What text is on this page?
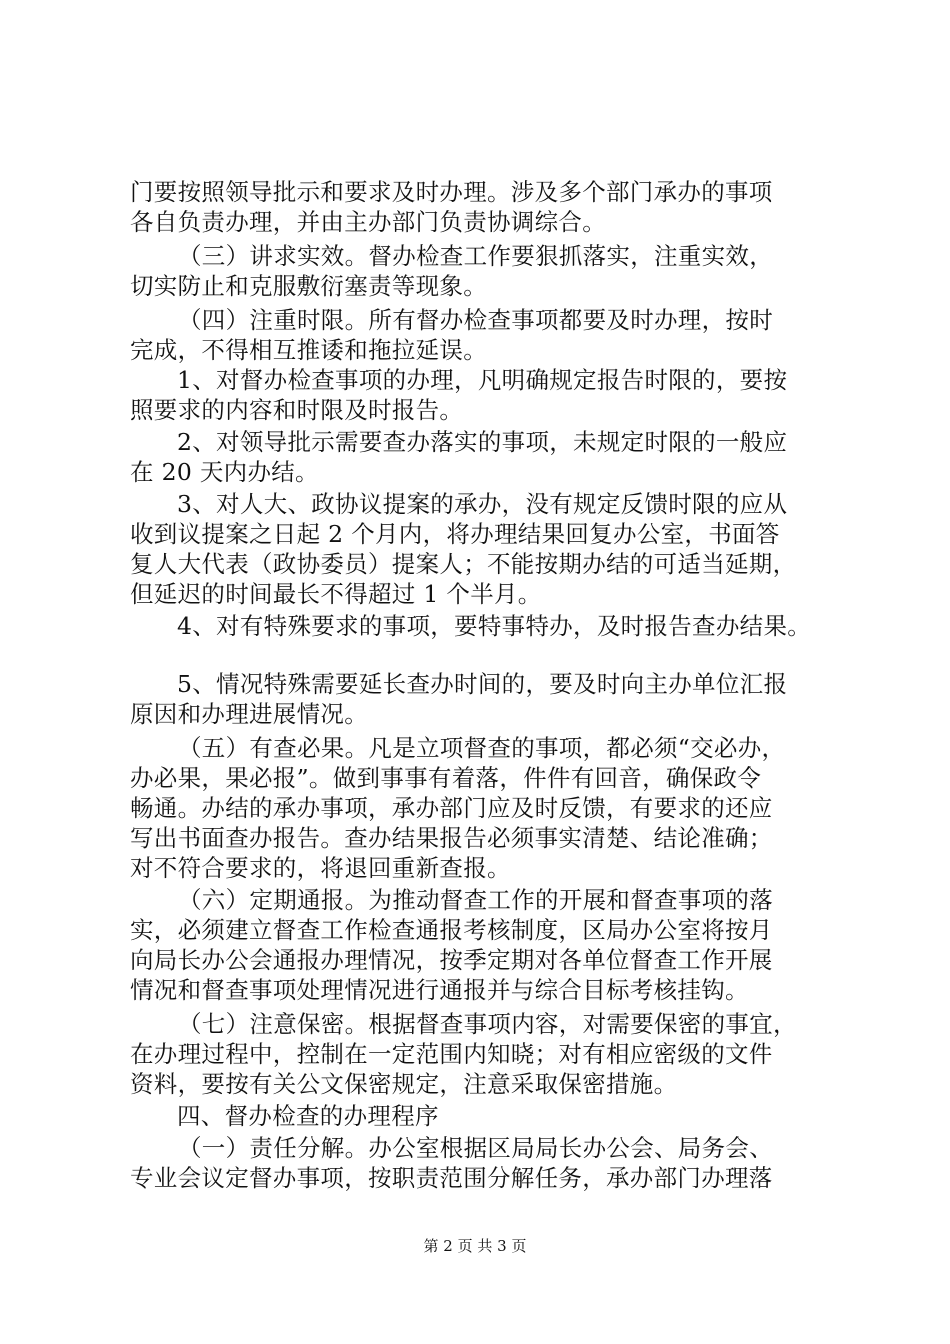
门要按照领导批示和要求及时办理。涉及多个部门承办的事项
各自负责办理，并由主办部门负责协调综合。
（三）讲求实效。督办检查工作要狠抓落实，注重实效，
切实防止和克服敷衍塞责等现象。
（四）注重时限。所有督办检查事项都要及时办理，按时
完成，不得相互推诿和拖拉延误。
1、对督办检查事项的办理，凡明确规定报告时限的，要按
照要求的内容和时限及时报告。
2、对领导批示需要查办落实的事项，未规定时限的一般应
在 20 天内办结。
3、对人大、政协议提案的承办，没有规定反馈时限的应从
收到议提案之日起 2 个月内，将办理结果回复办公室，书面答
复人大代表（政协委员）提案人；不能按期办结的可适当延期，
但延迟的时间最长不得超过 1 个半月。
4、对有特殊要求的事项，要特事特办，及时报告查办结果。
5、情况特殊需要延长查办时间的，要及时向主办单位汇报
原因和办理进展情况。
（五）有查必果。凡是立项督查的事项，都必须“交必办，
办必果，果必报”。做到事事有着落，件件有回音，确保政令
畅通。办结的承办事项，承办部门应及时反馈，有要求的还应
写出书面查办报告。查办结果报告必须事实清楚、结论准确；
对不符合要求的，将退回重新查报。
（六）定期通报。为推动督查工作的开展和督查事项的落
实，必须建立督查工作检查通报考核制度，区局办公室将按月
向局长办公会通报办理情况，按季定期对各单位督查工作开展
情况和督查事项处理情况进行通报并与综合目标考核挂钩。
（七）注意保密。根据督查事项内容，对需要保密的事宜，
在办理过程中，控制在一定范围内知晓；对有相应密级的文件
资料，要按有关公文保密规定，注意采取保密措施。
四、督办检查的办理程序
（一）责任分解。办公室根据区局局长办公会、局务会、
专业会议定督办事项，按职责范围分解任务，承办部门办理落
第 2 页 共 3 页
